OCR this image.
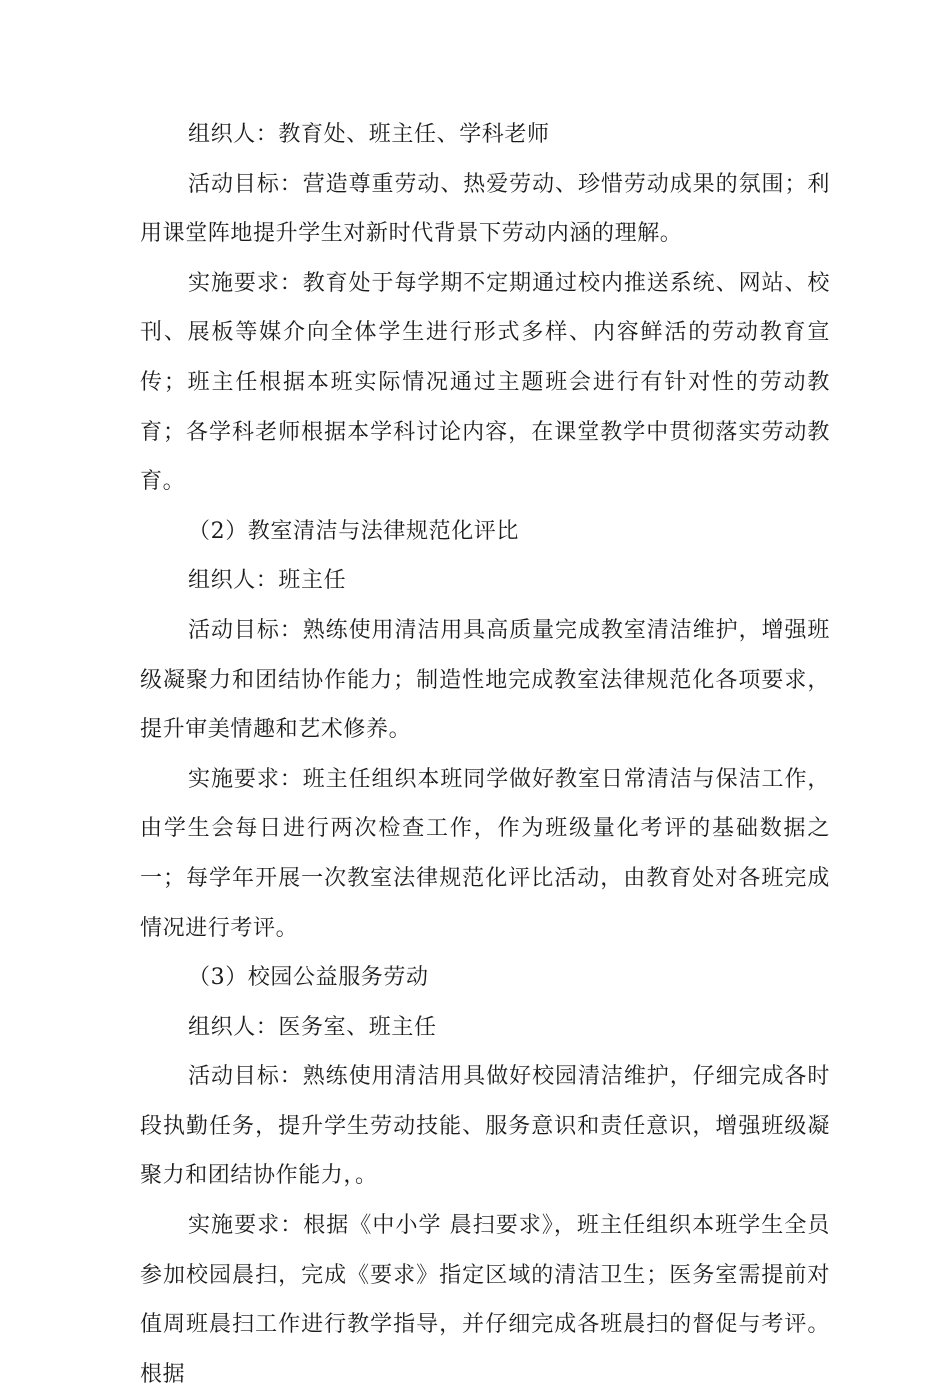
组织人：教育处、班主任、学科老师

活动目标：营造尊重劳动、热爱劳动、珍惜劳动成果的氛围；利用课堂阵地提升学生对新时代背景下劳动内涵的理解。

实施要求：教育处于每学期不定期通过校内推送系统、网站、校刊、展板等媒介向全体学生进行形式多样、内容鲜活的劳动教育宣传；班主任根据本班实际情况通过主题班会进行有针对性的劳动教育；各学科老师根据本学科讨论内容，在课堂教学中贯彻落实劳动教育。

（2）教室清洁与法律规范化评比

组织人：班主任

活动目标：熟练使用清洁用具高质量完成教室清洁维护，增强班级凝聚力和团结协作能力；制造性地完成教室法律规范化各项要求，提升审美情趣和艺术修养。

实施要求：班主任组织本班同学做好教室日常清洁与保洁工作，由学生会每日进行两次检查工作，作为班级量化考评的基础数据之一；每学年开展一次教室法律规范化评比活动，由教育处对各班完成情况进行考评。

（3）校园公益服务劳动

组织人：医务室、班主任

活动目标：熟练使用清洁用具做好校园清洁维护，仔细完成各时段执勤任务，提升学生劳动技能、服务意识和责任意识，增强班级凝聚力和团结协作能力，。

实施要求：根据《中小学 晨扫要求》，班主任组织本班学生全员参加校园晨扫，完成《要求》指定区域的清洁卫生；医务室需提前对值周班晨扫工作进行教学指导，并仔细完成各班晨扫的督促与考评。根据
